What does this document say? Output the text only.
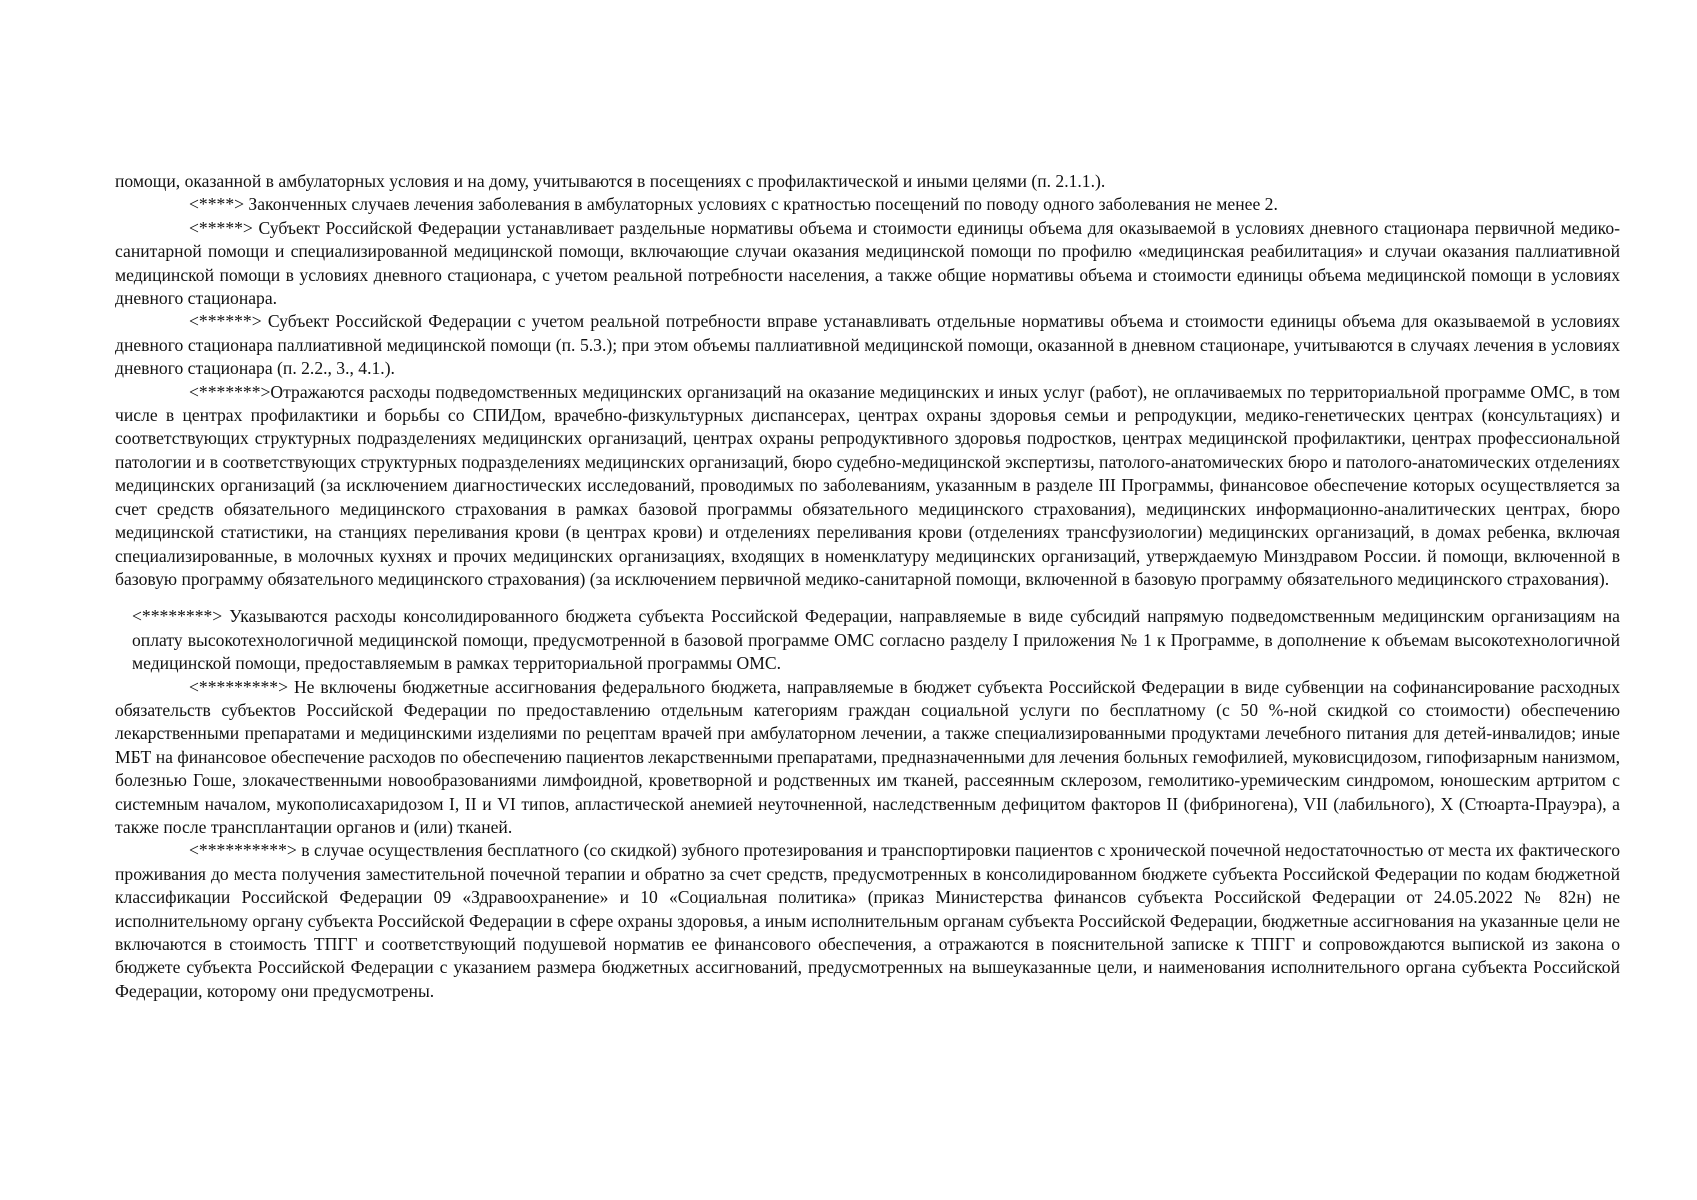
помощи, оказанной в амбулаторных условия и на дому, учитываются в посещениях с профилактической и иными целями (п. 2.1.1.).

<****> Законченных случаев лечения заболевания в амбулаторных условиях с кратностью посещений по поводу одного заболевания не менее 2.

<*****> Субъект Российской Федерации устанавливает раздельные нормативы объема и стоимости единицы объема для оказываемой в условиях дневного стационара первичной медико-санитарной помощи и специализированной медицинской помощи, включающие случаи оказания медицинской помощи по профилю «медицинская реабилитация» и случаи оказания паллиативной медицинской помощи в условиях дневного стационара, с учетом реальной потребности населения, а также общие нормативы объема и стоимости единицы объема медицинской помощи в условиях дневного стационара.

<******> Субъект Российской Федерации с учетом реальной потребности вправе устанавливать отдельные нормативы объема и стоимости единицы объема для оказываемой в условиях дневного стационара паллиативной медицинской помощи (п. 5.3.); при этом объемы паллиативной медицинской помощи, оказанной в дневном стационаре, учитываются в случаях лечения в условиях дневного стационара (п. 2.2., 3., 4.1.).

<*******>Отражаются расходы подведомственных медицинских организаций на оказание медицинских и иных услуг (работ), не оплачиваемых по территориальной программе ОМС, в том числе в центрах профилактики и борьбы со СПИДом, врачебно-физкультурных диспансерах, центрах охраны здоровья семьи и репродукции, медико-генетических центрах (консультациях) и соответствующих структурных подразделениях медицинских организаций, центрах охраны репродуктивного здоровья подростков, центрах медицинской профилактики, центрах профессиональной патологии и в соответствующих структурных подразделениях медицинских организаций, бюро судебно-медицинской экспертизы, патолого-анатомических бюро и патолого-анатомических отделениях медицинских организаций (за исключением диагностических исследований, проводимых по заболеваниям, указанным в разделе III Программы, финансовое обеспечение которых осуществляется за счет средств обязательного медицинского страхования в рамках базовой программы обязательного медицинского страхования), медицинских информационно-аналитических центрах, бюро медицинской статистики, на станциях переливания крови (в центрах крови) и отделениях переливания крови (отделениях трансфузиологии) медицинских организаций, в домах ребенка, включая специализированные, в молочных кухнях и прочих медицинских организациях, входящих в номенклатуру медицинских организаций, утверждаемую Минздравом России. й помощи, включенной в базовую программу обязательного медицинского страхования) (за исключением первичной медико-санитарной помощи, включенной в базовую программу обязательного медицинского страхования).

<********> Указываются расходы консолидированного бюджета субъекта Российской Федерации, направляемые в виде субсидий напрямую подведомственным медицинским организациям на оплату высокотехнологичной медицинской помощи, предусмотренной в базовой программе ОМС согласно разделу I приложения № 1 к Программе, в дополнение к объемам высокотехнологичной медицинской помощи, предоставляемым в рамках территориальной программы ОМС.

<*********> Не включены бюджетные ассигнования федерального бюджета, направляемые в бюджет субъекта Российской Федерации в виде субвенции на софинансирование расходных обязательств субъектов Российской Федерации по предоставлению отдельным категориям граждан социальной услуги по бесплатному (с 50 %-ной скидкой со стоимости) обеспечению лекарственными препаратами и медицинскими изделиями по рецептам врачей при амбулаторном лечении, а также специализированными продуктами лечебного питания для детей-инвалидов; иные МБТ на финансовое обеспечение расходов по обеспечению пациентов лекарственными препаратами, предназначенными для лечения больных гемофилией, муковисцидозом, гипофизарным нанизмом, болезнью Гоше, злокачественными новообразованиями лимфоидной, кроветворной и родственных им тканей, рассеянным склерозом, гемолитико-уремическим синдромом, юношеским артритом с системным началом, мукополисахаридозом I, II и VI типов, апластической анемией неуточненной, наследственным дефицитом факторов II (фибриногена), VII (лабильного), X (Стюарта-Прауэра), а также после трансплантации органов и (или) тканей.

<**********> в случае осуществления бесплатного (со скидкой) зубного протезирования и транспортировки пациентов с хронической почечной недостаточностью от места их фактического проживания до места получения заместительной почечной терапии и обратно за счет средств, предусмотренных в консолидированном бюджете субъекта Российской Федерации по кодам бюджетной классификации Российской Федерации 09 «Здравоохранение» и 10 «Социальная политика» (приказ Министерства финансов субъекта Российской Федерации от 24.05.2022 № 82н) не исполнительному органу субъекта Российской Федерации в сфере охраны здоровья, а иным исполнительным органам субъекта Российской Федерации, бюджетные ассигнования на указанные цели не включаются в стоимость ТПГГ и соответствующий подушевой норматив ее финансового обеспечения, а отражаются в пояснительной записке к ТПГГ и сопровождаются выпиской из закона о бюджете субъекта Российской Федерации с указанием размера бюджетных ассигнований, предусмотренных на вышеуказанные цели, и наименования исполнительного органа субъекта Российской Федерации, которому они предусмотрены.
